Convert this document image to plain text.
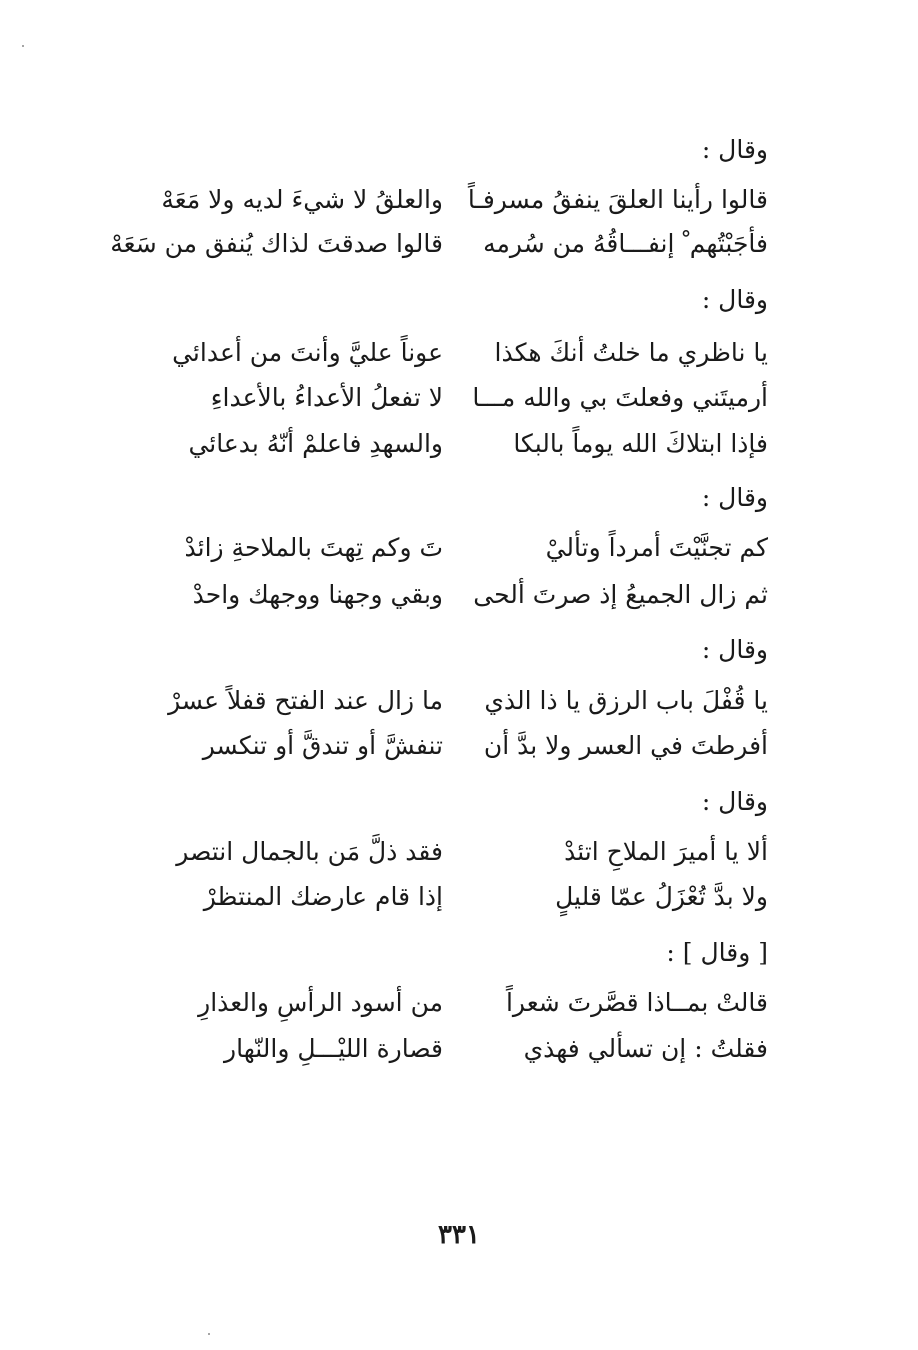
وقال :
قالوا رأينا العلقَ ينفقُ مسرفـاً
والعلقُ لا شيءَ لديه ولا مَعَهْ
فأجَبْتُهم ْ إنفـــاقُهُ من سُرمه
قالوا صدقتَ لذاك يُنفق من سَعَهْ
وقال :
يا ناظري ما خلتُ أنكَ هكذا
عوناً عليَّ وأنتَ من أعدائي
أرميتَني وفعلتَ بي والله مـــا
لا تفعلُ الأعداءُ بالأعداءِ
فإذا ابتلاكَ الله يوماً بالبكا
والسهدِ فاعلمْ أنّهُ بدعائي
وقال :
كم تجنَّيْتَ أمرداً وتأليْ
تَ وكم تِهتَ بالملاحةِ زائدْ
ثم زال الجميعُ إذ صرتَ ألحى
وبقي وجهنا ووجهك واحدْ
وقال :
يا قُفْلَ باب الرزق يا ذا الذي
ما زال عند الفتح قفلاً عسرْ
أفرطتَ في العسر ولا بدَّ أن
تنفشَّ أو تندقَّ أو تنكسر
وقال :
ألا يا أميرَ الملاحِ اتئدْ
فقد ذلَّ مَن بالجمال انتصر
ولا بدَّ تُعْزَلُ عمّا قليلٍ
إذا قام عارضك المنتظرْ
[ وقال ] :
قالتْ بمــاذا قصَّرتَ شعراً
من أسود الرأسِ والعذارِ
فقلتُ : إن تسألي فهذي
قصارة الليْـــلِ والنّهار
٣٣١
